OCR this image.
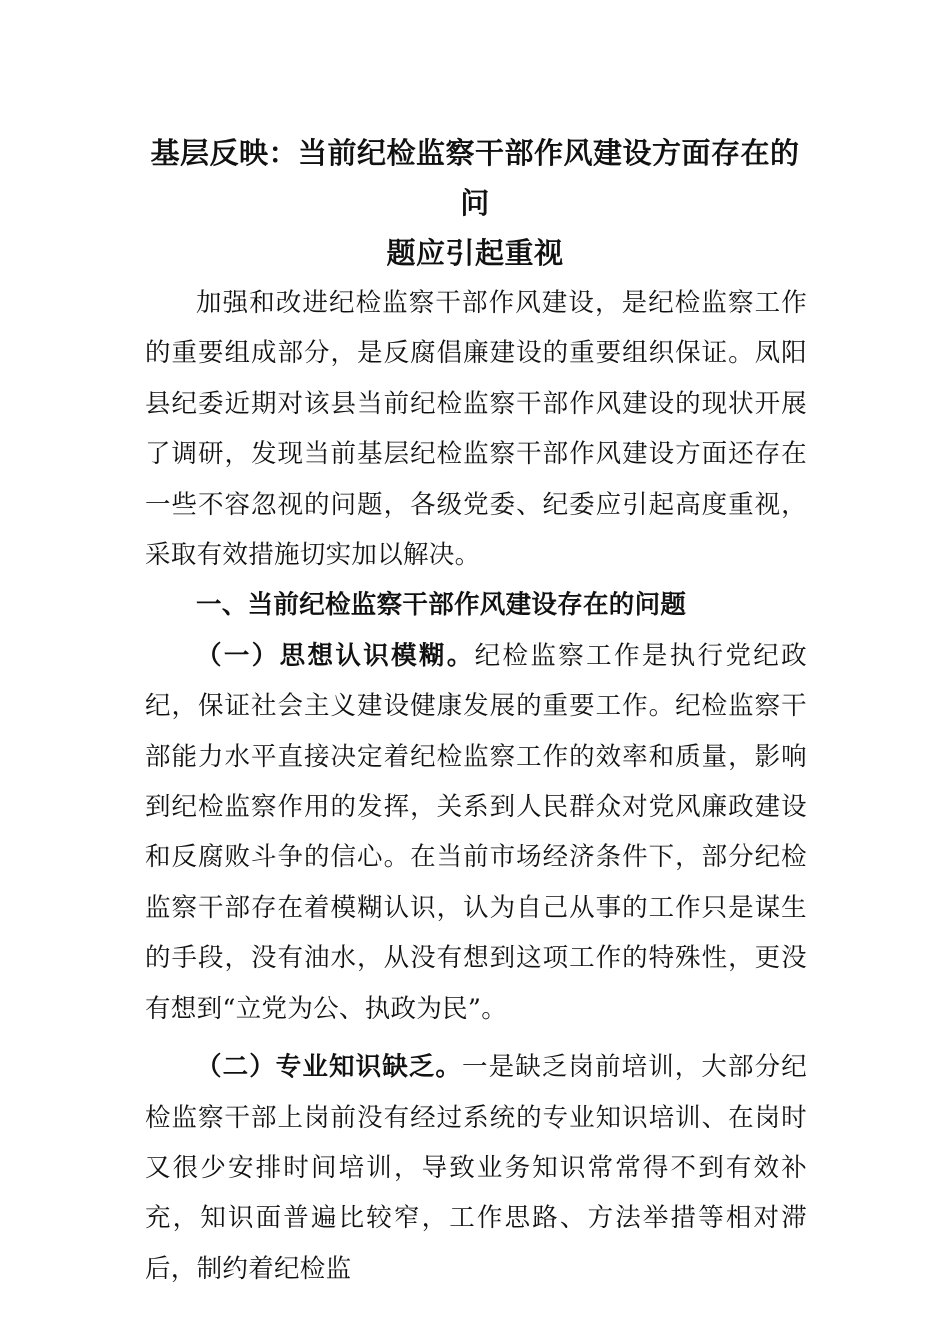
基层反映：当前纪检监察干部作风建设方面存在的问
题应引起重视

加强和改进纪检监察干部作风建设，是纪检监察工作的重要组成部分，是反腐倡廉建设的重要组织保证。凤阳县纪委近期对该县当前纪检监察干部作风建设的现状开展了调研，发现当前基层纪检监察干部作风建设方面还存在一些不容忽视的问题，各级党委、纪委应引起高度重视，采取有效措施切实加以解决。

一、当前纪检监察干部作风建设存在的问题

（一）思想认识模糊。纪检监察工作是执行党纪政纪，保证社会主义建设健康发展的重要工作。纪检监察干部能力水平直接决定着纪检监察工作的效率和质量，影响到纪检监察作用的发挥，关系到人民群众对党风廉政建设和反腐败斗争的信心。在当前市场经济条件下，部分纪检监察干部存在着模糊认识，认为自己从事的工作只是谋生的手段，没有油水，从没有想到这项工作的特殊性，更没有想到“立党为公、执政为民”。

（二）专业知识缺乏。一是缺乏岗前培训，大部分纪检监察干部上岗前没有经过系统的专业知识培训、在岗时又很少安排时间培训，导致业务知识常常得不到有效补充，知识面普遍比较窄，工作思路、方法举措等相对滞后，制约着纪检监
